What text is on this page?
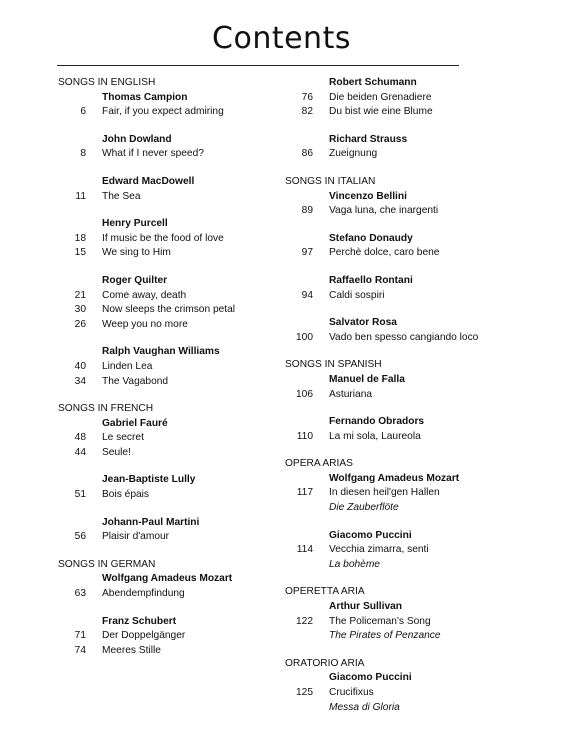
Contents
SONGS IN ENGLISH
Thomas Campion
6 Fair, if you expect admiring
John Dowland
8 What if I never speed?
Edward MacDowell
11 The Sea
Henry Purcell
18 If music be the food of love
15 We sing to Him
Roger Quilter
21 Come away, death
30 Now sleeps the crimson petal
26 Weep you no more
Ralph Vaughan Williams
40 Linden Lea
34 The Vagabond
SONGS IN FRENCH
Gabriel Fauré
48 Le secret
44 Seule!
Jean-Baptiste Lully
51 Bois épais
Johann-Paul Martini
56 Plaisir d'amour
SONGS IN GERMAN
Wolfgang Amadeus Mozart
63 Abendempfindung
Franz Schubert
71 Der Doppelgänger
74 Meeres Stille
Robert Schumann
76 Die beiden Grenadiere
82 Du bist wie eine Blume
Richard Strauss
86 Zueignung
SONGS IN ITALIAN
Vincenzo Bellini
89 Vaga luna, che inargenti
Stefano Donaudy
97 Perchè dolce, caro bene
Raffaello Rontani
94 Caldi sospiri
Salvator Rosa
100 Vado ben spesso cangiando loco
SONGS IN SPANISH
Manuel de Falla
106 Asturiana
Fernando Obradors
110 La mi sola, Laureola
OPERA ARIAS
Wolfgang Amadeus Mozart
117 In diesen heil'gen Hallen
Die Zauberflöte
Giacomo Puccini
114 Vecchia zimarra, senti
La bohème
OPERETTA ARIA
Arthur Sullivan
122 The Policeman's Song
The Pirates of Penzance
ORATORIO ARIA
Giacomo Puccini
125 Crucifixus
Messa di Gloria
